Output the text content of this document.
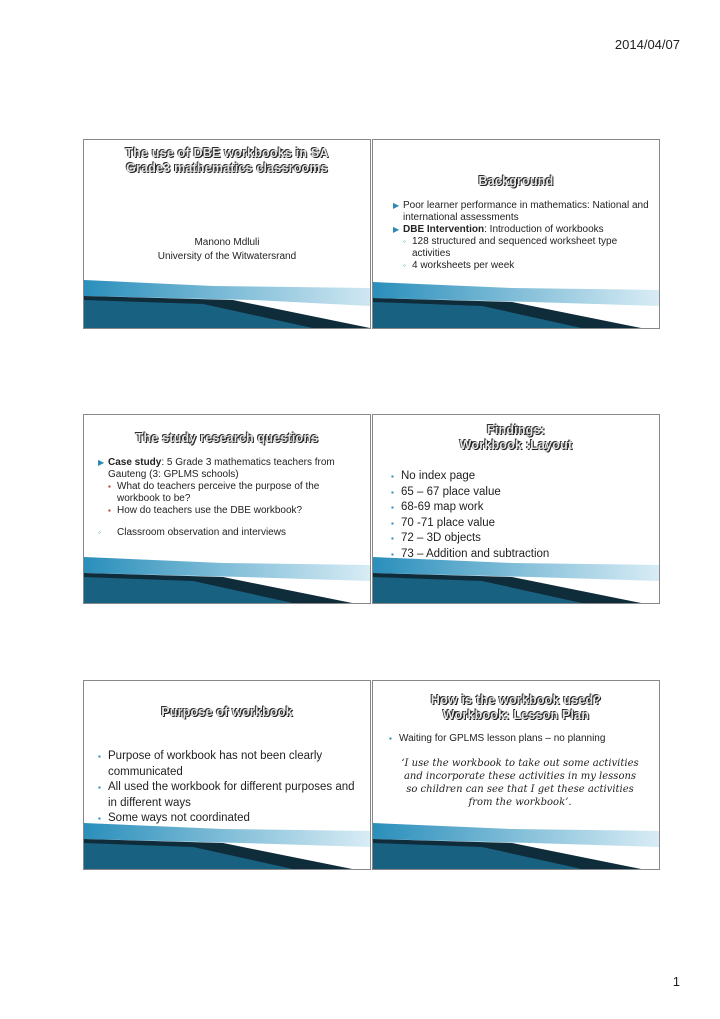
2014/04/07
The use of DBE workbooks in SA
Grade3 mathematics classrooms
Manono Mdluli
University of the Witwatersrand
Background
▶ Poor learner performance in mathematics: National and international assessments
▶ DBE Intervention: Introduction of workbooks
◦ 128 structured and sequenced worksheet type activities
◦ 4 worksheets per week
The study research questions
▶ Case study: 5 Grade 3 mathematics teachers from Gauteng (3: GPLMS schools)
▪ What do teachers perceive the purpose of the workbook to be?
▪ How do teachers use the DBE workbook?
◦ Classroom observation and interviews
Findings:
Workbook :Layout
▪ No index page
▪ 65 – 67 place value
▪ 68-69 map work
▪ 70 -71 place value
▪ 72 – 3D objects
▪ 73 – Addition and subtraction
Purpose of workbook
▪ Purpose of workbook has not been clearly communicated
▪ All used the workbook for different purposes and in different ways
▪ Some ways not coordinated
How is the workbook used?
Workbook: Lesson Plan
▪ Waiting for GPLMS lesson plans – no planning
‘I use the workbook to take out some activities and incorporate these activities in my lessons so children can see that I get these activities from the workbook’.
1
